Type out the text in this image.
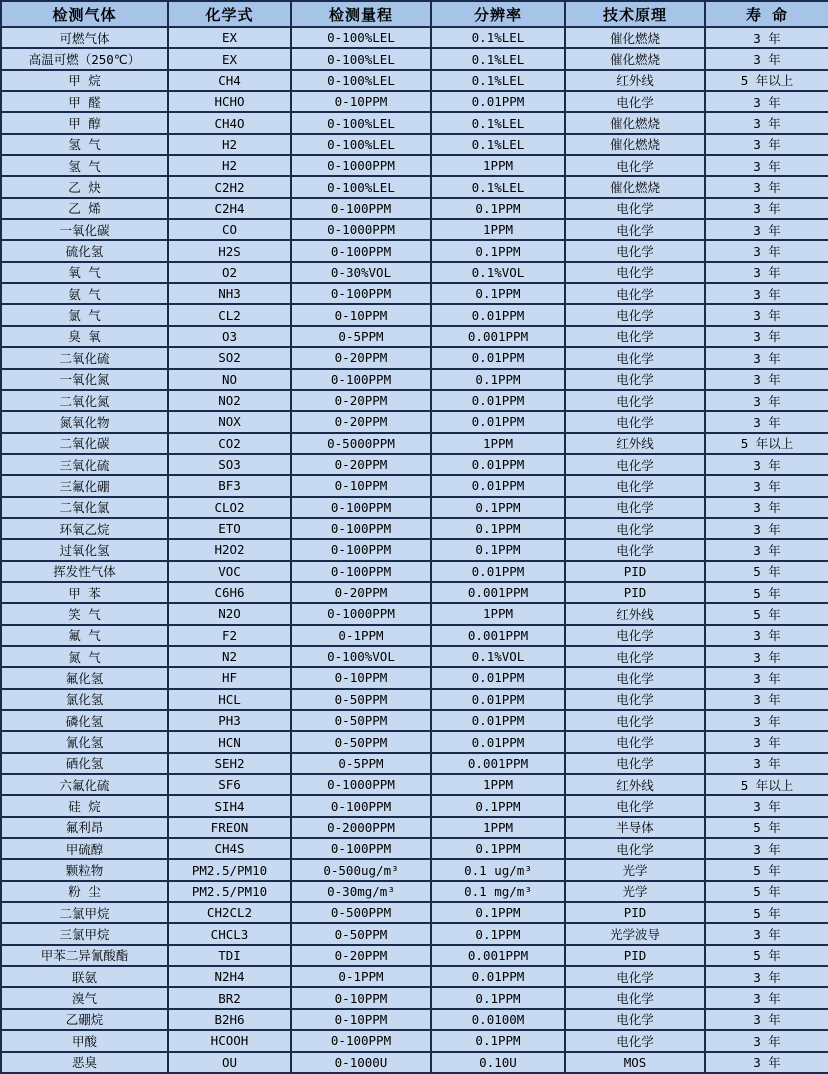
检测气体	化学式	检测量程	分辨率	技术原理	寿 命
可燃气体	EX	0-100%LEL	0.1%LEL	催化燃烧	3 年
高温可燃（250℃）	EX	0-100%LEL	0.1%LEL	催化燃烧	3 年
甲 烷	CH4	0-100%LEL	0.1%LEL	红外线	5 年以上
甲 醛	HCHO	0-10PPM	0.01PPM	电化学	3 年
甲 醇	CH4O	0-100%LEL	0.1%LEL	催化燃烧	3 年
氢 气	H2	0-100%LEL	0.1%LEL	催化燃烧	3 年
氢 气	H2	0-1000PPM	1PPM	电化学	3 年
乙 炔	C2H2	0-100%LEL	0.1%LEL	催化燃烧	3 年
乙 烯	C2H4	0-100PPM	0.1PPM	电化学	3 年
一氧化碳	CO	0-1000PPM	1PPM	电化学	3 年
硫化氢	H2S	0-100PPM	0.1PPM	电化学	3 年
氧 气	O2	0-30%VOL	0.1%VOL	电化学	3 年
氨 气	NH3	0-100PPM	0.1PPM	电化学	3 年
氯 气	CL2	0-10PPM	0.01PPM	电化学	3 年
臭 氧	O3	0-5PPM	0.001PPM	电化学	3 年
二氧化硫	SO2	0-20PPM	0.01PPM	电化学	3 年
一氧化氮	NO	0-100PPM	0.1PPM	电化学	3 年
二氧化氮	NO2	0-20PPM	0.01PPM	电化学	3 年
氮氧化物	NOX	0-20PPM	0.01PPM	电化学	3 年
二氧化碳	CO2	0-5000PPM	1PPM	红外线	5 年以上
三氧化硫	SO3	0-20PPM	0.01PPM	电化学	3 年
三氟化硼	BF3	0-10PPM	0.01PPM	电化学	3 年
二氧化氯	CLO2	0-100PPM	0.1PPM	电化学	3 年
环氧乙烷	ETO	0-100PPM	0.1PPM	电化学	3 年
过氧化氢	H2O2	0-100PPM	0.1PPM	电化学	3 年
挥发性气体	VOC	0-100PPM	0.01PPM	PID	5 年
甲 苯	C6H6	0-20PPM	0.001PPM	PID	5 年
笑 气	N2O	0-1000PPM	1PPM	红外线	5 年
氟 气	F2	0-1PPM	0.001PPM	电化学	3 年
氮 气	N2	0-100%VOL	0.1%VOL	电化学	3 年
氟化氢	HF	0-10PPM	0.01PPM	电化学	3 年
氯化氢	HCL	0-50PPM	0.01PPM	电化学	3 年
磷化氢	PH3	0-50PPM	0.01PPM	电化学	3 年
氰化氢	HCN	0-50PPM	0.01PPM	电化学	3 年
硒化氢	SEH2	0-5PPM	0.001PPM	电化学	3 年
六氟化硫	SF6	0-1000PPM	1PPM	红外线	5 年以上
硅 烷	SIH4	0-100PPM	0.1PPM	电化学	3 年
氟利昂	FREON	0-2000PPM	1PPM	半导体	5 年
甲硫醇	CH4S	0-100PPM	0.1PPM	电化学	3 年
颗粒物	PM2.5/PM10	0-500ug/m³	0.1 ug/m³	光学	5 年
粉 尘	PM2.5/PM10	0-30mg/m³	0.1 mg/m³	光学	5 年
二氯甲烷	CH2CL2	0-500PPM	0.1PPM	PID	5 年
三氯甲烷	CHCL3	0-50PPM	0.1PPM	光学波导	3 年
甲苯二异氰酸酯	TDI	0-20PPM	0.001PPM	PID	5 年
联氨	N2H4	0-1PPM	0.01PPM	电化学	3 年
溴气	BR2	0-10PPM	0.1PPM	电化学	3 年
乙硼烷	B2H6	0-10PPM	0.0100M	电化学	3 年
甲酸	HCOOH	0-100PPM	0.1PPM	电化学	3 年
恶臭	OU	0-1000U	0.10U	MOS	3 年
